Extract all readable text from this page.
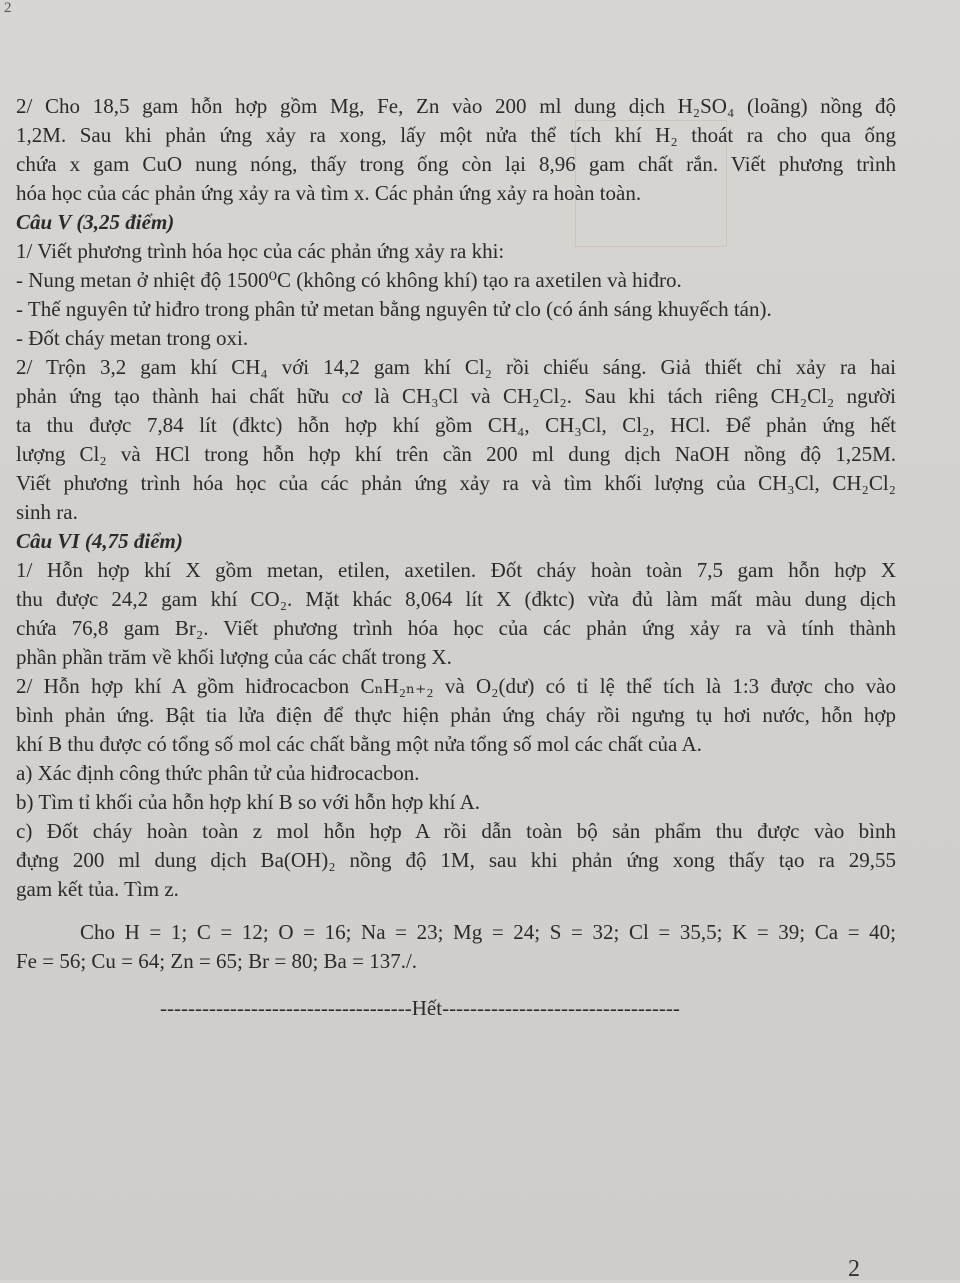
2
2/ Cho 18,5 gam hỗn hợp gồm Mg, Fe, Zn vào 200 ml dung dịch H₂SO₄ (loãng) nồng độ
1,2M. Sau khi phản ứng xảy ra xong, lấy một nửa thể tích khí H₂ thoát ra cho qua ống
chứa x gam CuO nung nóng, thấy trong ống còn lại 8,96 gam chất rắn. Viết phương trình
hóa học của các phản ứng xảy ra và tìm x. Các phản ứng xảy ra hoàn toàn.
Câu V (3,25 điểm)
1/ Viết phương trình hóa học của các phản ứng xảy ra khi:
- Nung metan ở nhiệt độ 1500⁰C (không có không khí) tạo ra axetilen và hiđro.
- Thế nguyên tử hiđro trong phân tử metan bằng nguyên tử clo (có ánh sáng khuyếch tán).
- Đốt cháy metan trong oxi.
2/ Trộn 3,2 gam khí CH₄ với 14,2 gam khí Cl₂ rồi chiếu sáng. Giả thiết chỉ xảy ra hai
phản ứng tạo thành hai chất hữu cơ là CH₃Cl và CH₂Cl₂. Sau khi tách riêng CH₂Cl₂ người
ta thu được 7,84 lít (đktc) hỗn hợp khí gồm CH₄, CH₃Cl, Cl₂, HCl. Để phản ứng hết
lượng Cl₂ và HCl trong hỗn hợp khí trên cần 200 ml dung dịch NaOH nồng độ 1,25M.
Viết phương trình hóa học của các phản ứng xảy ra và tìm khối lượng của CH₃Cl, CH₂Cl₂
sinh ra.
Câu VI (4,75 điểm)
1/ Hỗn hợp khí X gồm metan, etilen, axetilen. Đốt cháy hoàn toàn 7,5 gam hỗn hợp X
thu được 24,2 gam khí CO₂. Mặt khác 8,064 lít X (đktc) vừa đủ làm mất màu dung dịch
chứa 76,8 gam Br₂. Viết phương trình hóa học của các phản ứng xảy ra và tính thành
phần phần trăm về khối lượng của các chất trong X.
2/ Hỗn hợp khí A gồm hiđrocacbon CₙH₂ₙ₊₂ và O₂(dư) có tỉ lệ thể tích là 1:3 được cho vào
bình phản ứng. Bật tia lửa điện để thực hiện phản ứng cháy rồi ngưng tụ hơi nước, hỗn hợp
khí B thu được có tổng số mol các chất bằng một nửa tổng số mol các chất của A.
a) Xác định công thức phân tử của hiđrocacbon.
b) Tìm tỉ khối của hỗn hợp khí B so với hỗn hợp khí A.
c) Đốt cháy hoàn toàn z mol hỗn hợp A rồi dẫn toàn bộ sản phẩm thu được vào bình
đựng 200 ml dung dịch Ba(OH)₂ nồng độ 1M, sau khi phản ứng xong thấy tạo ra 29,55
gam kết tủa. Tìm z.
Cho H = 1; C = 12; O = 16; Na = 23; Mg = 24; S = 32; Cl = 35,5; K = 39; Ca = 40;
Fe = 56; Cu = 64; Zn = 65; Br = 80; Ba = 137./.
------------------------------------Hết----------------------------------
2
